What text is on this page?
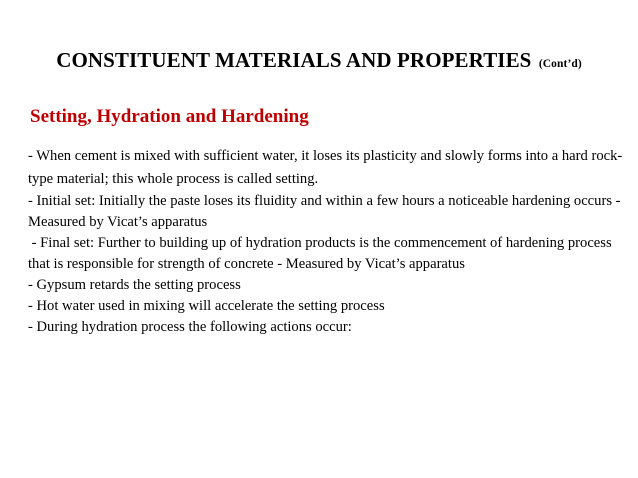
CONSTITUENT MATERIALS AND PROPERTIES (Cont’d)
Setting, Hydration and Hardening

- When cement is mixed with sufficient water, it loses its plasticity and slowly forms into a hard rock-type material; this whole process is called setting.

- Initial set: Initially the paste loses its fluidity and within a few hours a noticeable hardening occurs - Measured by Vicat’s apparatus

- Final set: Further to building up of hydration products is the commencement of hardening process that is responsible for strength of concrete - Measured by Vicat’s apparatus

- Gypsum retards the setting process

- Hot water used in mixing will accelerate the setting process

- During hydration process the following actions occur:
